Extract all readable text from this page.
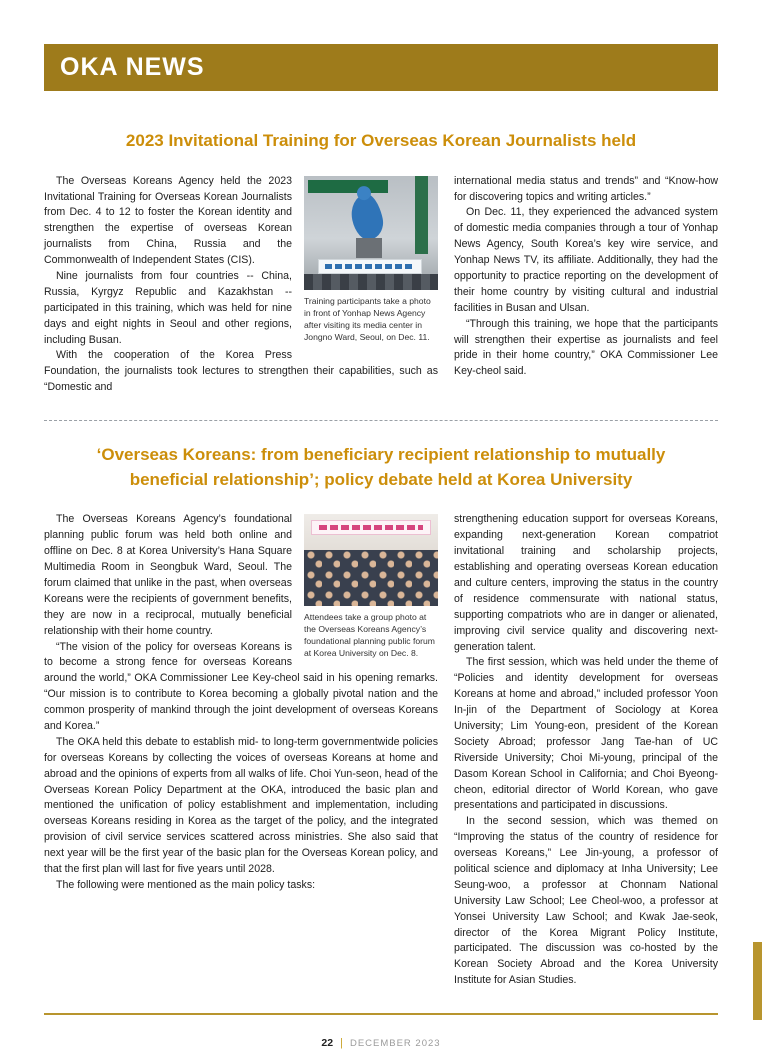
OKA NEWS
2023 Invitational Training for Overseas Korean Journalists held
Training participants take a photo in front of Yonhap News Agency after visiting its media center in Jongno Ward, Seoul, on Dec. 11.

The Overseas Koreans Agency held the 2023 Invitational Training for Overseas Korean Journalists from Dec. 4 to 12 to foster the Korean identity and strengthen the expertise of overseas Korean journalists from China, Russia and the Commonwealth of Independent States (CIS).

Nine journalists from four countries -- China, Russia, Kyrgyz Republic and Kazakhstan -- participated in this training, which was held for nine days and eight nights in Seoul and other regions, including Busan.

With the cooperation of the Korea Press Foundation, the journalists took lectures to strengthen their capabilities, such as “Domestic and

international media status and trends” and “Know-how for discovering topics and writing articles.”

On Dec. 11, they experienced the advanced system of domestic media companies through a tour of Yonhap News Agency, South Korea’s key wire service, and Yonhap News TV, its affiliate. Additionally, they had the opportunity to practice reporting on the development of their home country by visiting cultural and industrial facilities in Busan and Ulsan.

“Through this training, we hope that the participants will strengthen their expertise as journalists and feel pride in their home country,” OKA Commissioner Lee Key-cheol said.

‘Overseas Koreans: from beneficiary recipient relationship to mutually beneficial relationship’; policy debate held at Korea University
Attendees take a group photo at the Overseas Koreans Agency’s foundational planning public forum at Korea University on Dec. 8.

The Overseas Koreans Agency’s foundational planning public forum was held both online and offline on Dec. 8 at Korea University’s Hana Square Multimedia Room in Seongbuk Ward, Seoul. The forum claimed that unlike in the past, when overseas Koreans were the recipients of government benefits, they are now in a reciprocal, mutually beneficial relationship with their home country.

“The vision of the policy for overseas Koreans is to become a strong fence for overseas Koreans around the world,” OKA Commissioner Lee Key-cheol said in his opening remarks. “Our mission is to contribute to Korea becoming a globally pivotal nation and the common prosperity of mankind through the joint development of overseas Koreans and Korea.”

The OKA held this debate to establish mid- to long-term governmentwide policies for overseas Koreans by collecting the voices of overseas Koreans at home and abroad and the opinions of experts from all walks of life. Choi Yun-seon, head of the Overseas Korean Policy Department at the OKA, introduced the basic plan and mentioned the unification of policy establishment and implementation, including overseas Koreans residing in Korea as the target of the policy, and the integrated provision of civil service services scattered across ministries. She also said that next year will be the first year of the basic plan for the Overseas Korean policy, and that the first plan will last for five years until 2028.

The following were mentioned as the main policy tasks:

strengthening education support for overseas Koreans, expanding next-generation Korean compatriot invitational training and scholarship projects, establishing and operating overseas Korean education and culture centers, improving the status in the country of residence commensurate with national status, supporting compatriots who are in danger or alienated, improving civil service quality and discovering next-generation talent.

The first session, which was held under the theme of “Policies and identity development for overseas Koreans at home and abroad,” included professor Yoon In-jin of the Department of Sociology at Korea University; Lim Young-eon, president of the Korean Society Abroad; professor Jang Tae-han of UC Riverside University; Choi Mi-young, principal of the Dasom Korean School in California; and Choi Byeong-cheon, editorial director of World Korean, who gave presentations and participated in discussions.

In the second session, which was themed on “Improving the status of the country of residence for overseas Koreans,” Lee Jin-young, a professor of political science and diplomacy at Inha University; Lee Seung-woo, a professor at Chonnam National University Law School; Lee Cheol-woo, a professor at Yonsei University Law School; and Kwak Jae-seok, director of the Korea Migrant Policy Institute, participated. The discussion was co-hosted by the Korean Society Abroad and the Korea University Institute for Asian Studies.

22 | DECEMBER 2023
